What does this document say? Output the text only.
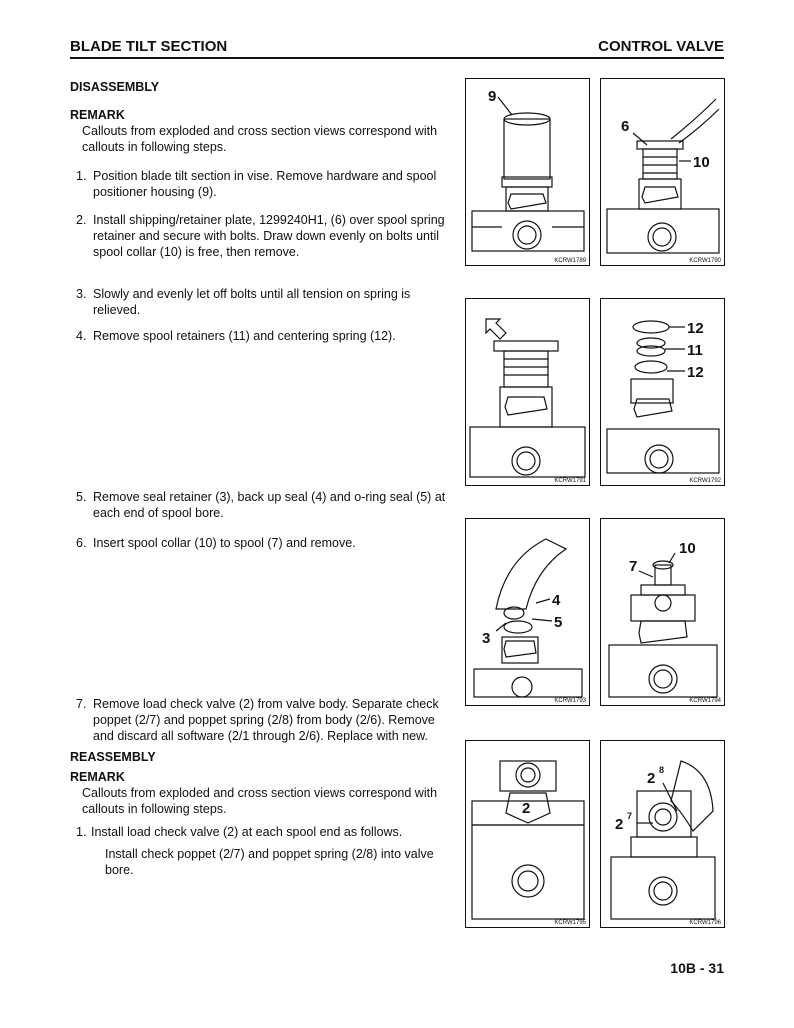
BLADE TILT SECTION	CONTROL VALVE
DISASSEMBLY
REMARK
Callouts from exploded and cross section views correspond with
callouts in following steps.
1. Position blade tilt section in vise. Remove hardware and spool
positioner housing (9).
2. Install shipping/retainer plate, 1299240H1, (6) over spool spring
retainer and secure with bolts. Draw down evenly on bolts until
spool collar (10) is free, then remove.
3. Slowly and evenly let off bolts until all tension on spring is
relieved.
4. Remove spool retainers (11) and centering spring (12).
5. Remove seal retainer (3), back up seal (4) and o-ring seal (5) at
each end of spool bore.
6. Insert spool collar (10) to spool (7) and remove.
7. Remove load check valve (2) from valve body. Separate check
poppet (2/7) and poppet spring (2/8) from body (2/6). Remove
and discard all software (2/1 through 2/6). Replace with new.
REASSEMBLY
REMARK
Callouts from exploded and cross section views correspond with
callouts in following steps.
1. Install load check valve (2) at each spool end as follows.
Install check poppet (2/7) and poppet spring (2/8) into valve
bore.
9
KCRW1789
6
10
KCRW1790
KCRW1791
12
11
12
KCRW1792
4
5
3
KCRW1793
10
7
KCRW1794
2
KCRW1795
2 8
2 7
KCRW1796
10B - 31
